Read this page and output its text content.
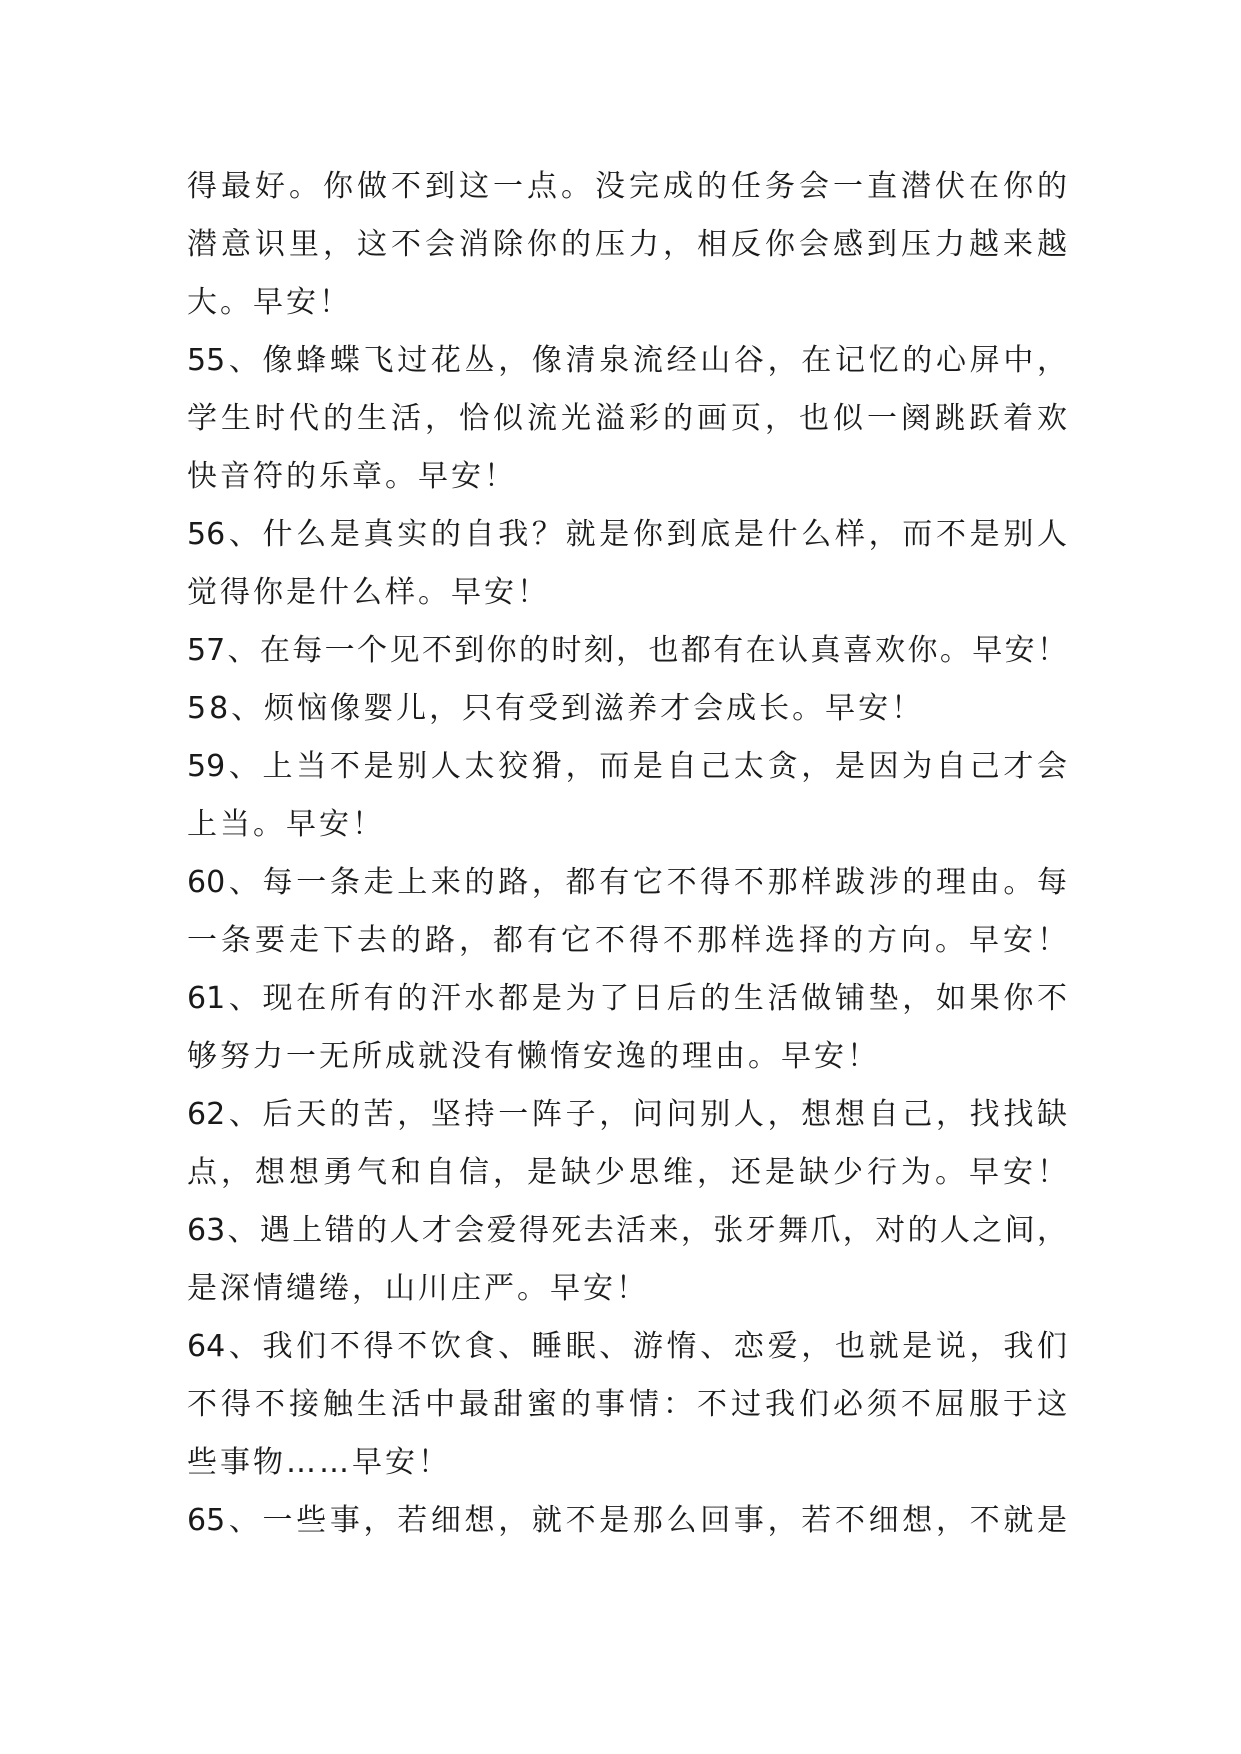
得最好。你做不到这一点。没完成的任务会一直潜伏在你的
潜意识里，这不会消除你的压力，相反你会感到压力越来越
大。早安！
55、像蜂蝶飞过花丛，像清泉流经山谷，在记忆的心屏中，
学生时代的生活，恰似流光溢彩的画页，也似一阕跳跃着欢
快音符的乐章。早安！
56、什么是真实的自我？就是你到底是什么样，而不是别人
觉得你是什么样。早安！
57、在每一个见不到你的时刻，也都有在认真喜欢你。早安！
58、烦恼像婴儿，只有受到滋养才会成长。早安！
59、上当不是别人太狡猾，而是自己太贪，是因为自己才会
上当。早安！
60、每一条走上来的路，都有它不得不那样跋涉的理由。每
一条要走下去的路，都有它不得不那样选择的方向。早安！
61、现在所有的汗水都是为了日后的生活做铺垫，如果你不
够努力一无所成就没有懒惰安逸的理由。早安！
62、后天的苦，坚持一阵子，问问别人，想想自己，找找缺
点，想想勇气和自信，是缺少思维，还是缺少行为。早安！
63、遇上错的人才会爱得死去活来，张牙舞爪，对的人之间，
是深情缱绻，山川庄严。早安！
64、我们不得不饮食、睡眠、游惰、恋爱，也就是说，我们
不得不接触生活中最甜蜜的事情：不过我们必须不屈服于这
些事物……早安！
65、一些事，若细想，就不是那么回事，若不细想，不就是
